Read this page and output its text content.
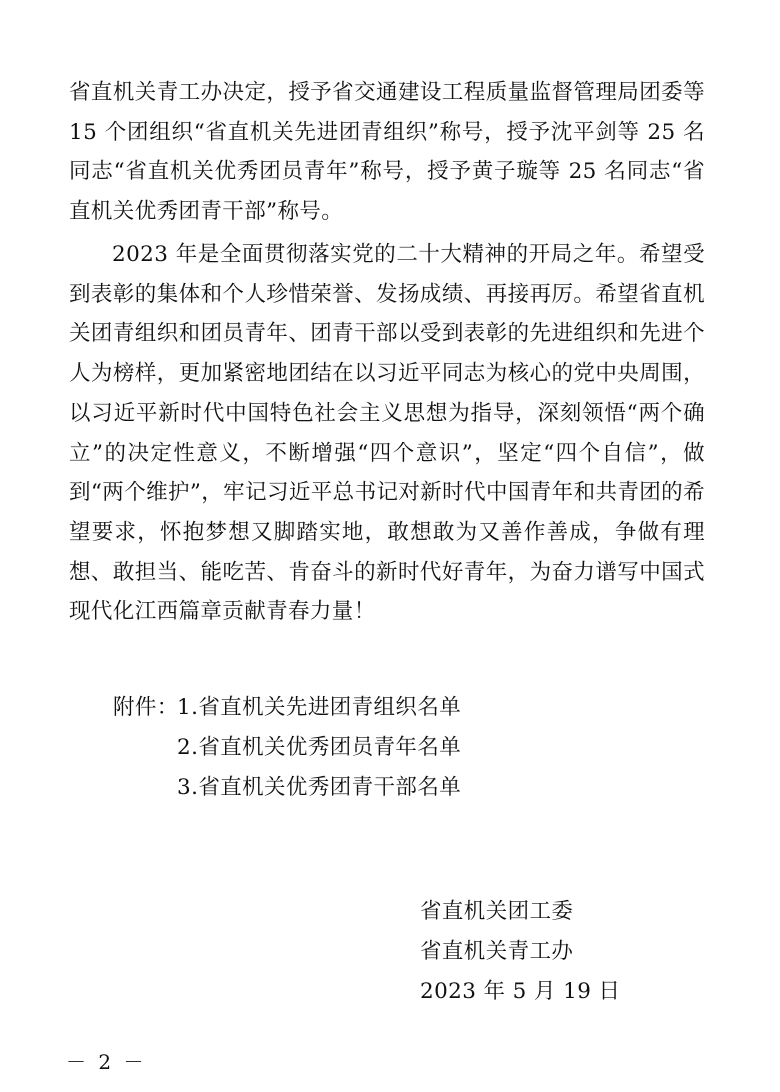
省直机关青工办决定，授予省交通建设工程质量监督管理局团委等 15 个团组织“省直机关先进团青组织”称号，授予沈平剑等 25 名同志“省直机关优秀团员青年”称号，授予黄子璇等 25 名同志“省直机关优秀团青干部”称号。

2023 年是全面贯彻落实党的二十大精神的开局之年。希望受到表彰的集体和个人珍惜荣誉、发扬成绩、再接再厉。希望省直机关团青组织和团员青年、团青干部以受到表彰的先进组织和先进个人为榜样，更加紧密地团结在以习近平同志为核心的党中央周围，以习近平新时代中国特色社会主义思想为指导，深刻领悟“两个确立”的决定性意义，不断增强“四个意识”，坚定“四个自信”，做到“两个维护”，牢记习近平总书记对新时代中国青年和共青团的希望要求，怀抱梦想又脚踏实地，敢想敢为又善作善成，争做有理想、敢担当、能吃苦、肯奋斗的新时代好青年，为奋力谱写中国式现代化江西篇章贡献青春力量！

附件：
1.省直机关先进团青组织名单
2.省直机关优秀团员青年名单
3.省直机关优秀团青干部名单
省直机关团工委
省直机关青工办
2023 年 5 月 19 日
－ 2 －
